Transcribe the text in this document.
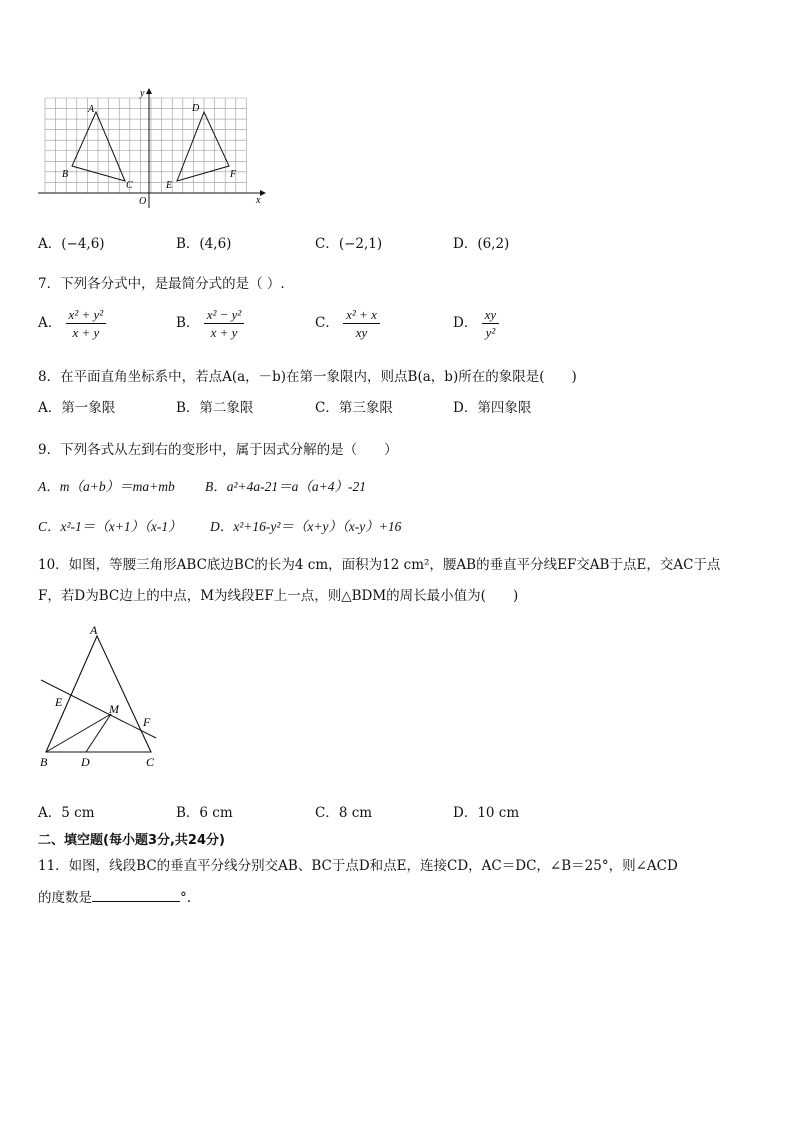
y
x
O
A
B
C
D
E
F
A．(−4,6)	B．(4,6)	C．(−2,1)	D．(6,2)
7．下列各分式中，是最简分式的是（ ）.
A． $\frac{\text{x² + y²}}{x + y}$	B． $\frac{\text{x² − y²}}{x + y}$	C． $\frac{\text{x² + x}}{xy}$	D． $\frac{xy}{\text{y²}}$
8．在平面直角坐标系中，若点A(a，－b)在第一象限内，则点B(a，b)所在的象限是(　　)
A．第一象限	B．第二象限	C．第三象限	D．第四象限
9．下列各式从左到右的变形中，属于因式分解的是（　　）
A．m（a+b）＝ma+mb B．a²+4a-21＝a（a+4）-21
C．x²-1＝（x+1）（x-1） D．x²+16-y²＝（x+y）（x-y）+16
10．如图，等腰三角形ABC底边BC的长为4 cm，面积为12 cm²，腰AB的垂直平分线EF交AB于点E，交AC于点
F，若D为BC边上的中点，M为线段EF上一点，则△BDM的周长最小值为(　　)
A
E	M
F
B	D	C
A．5 cm	B．6 cm	C．8 cm	D．10 cm
二、填空题(每小题3分,共24分)
11．如图，线段BC的垂直平分线分别交AB、BC于点D和点E，连接CD，AC＝DC，∠B＝25°，则∠ACD
的度数是	°.
